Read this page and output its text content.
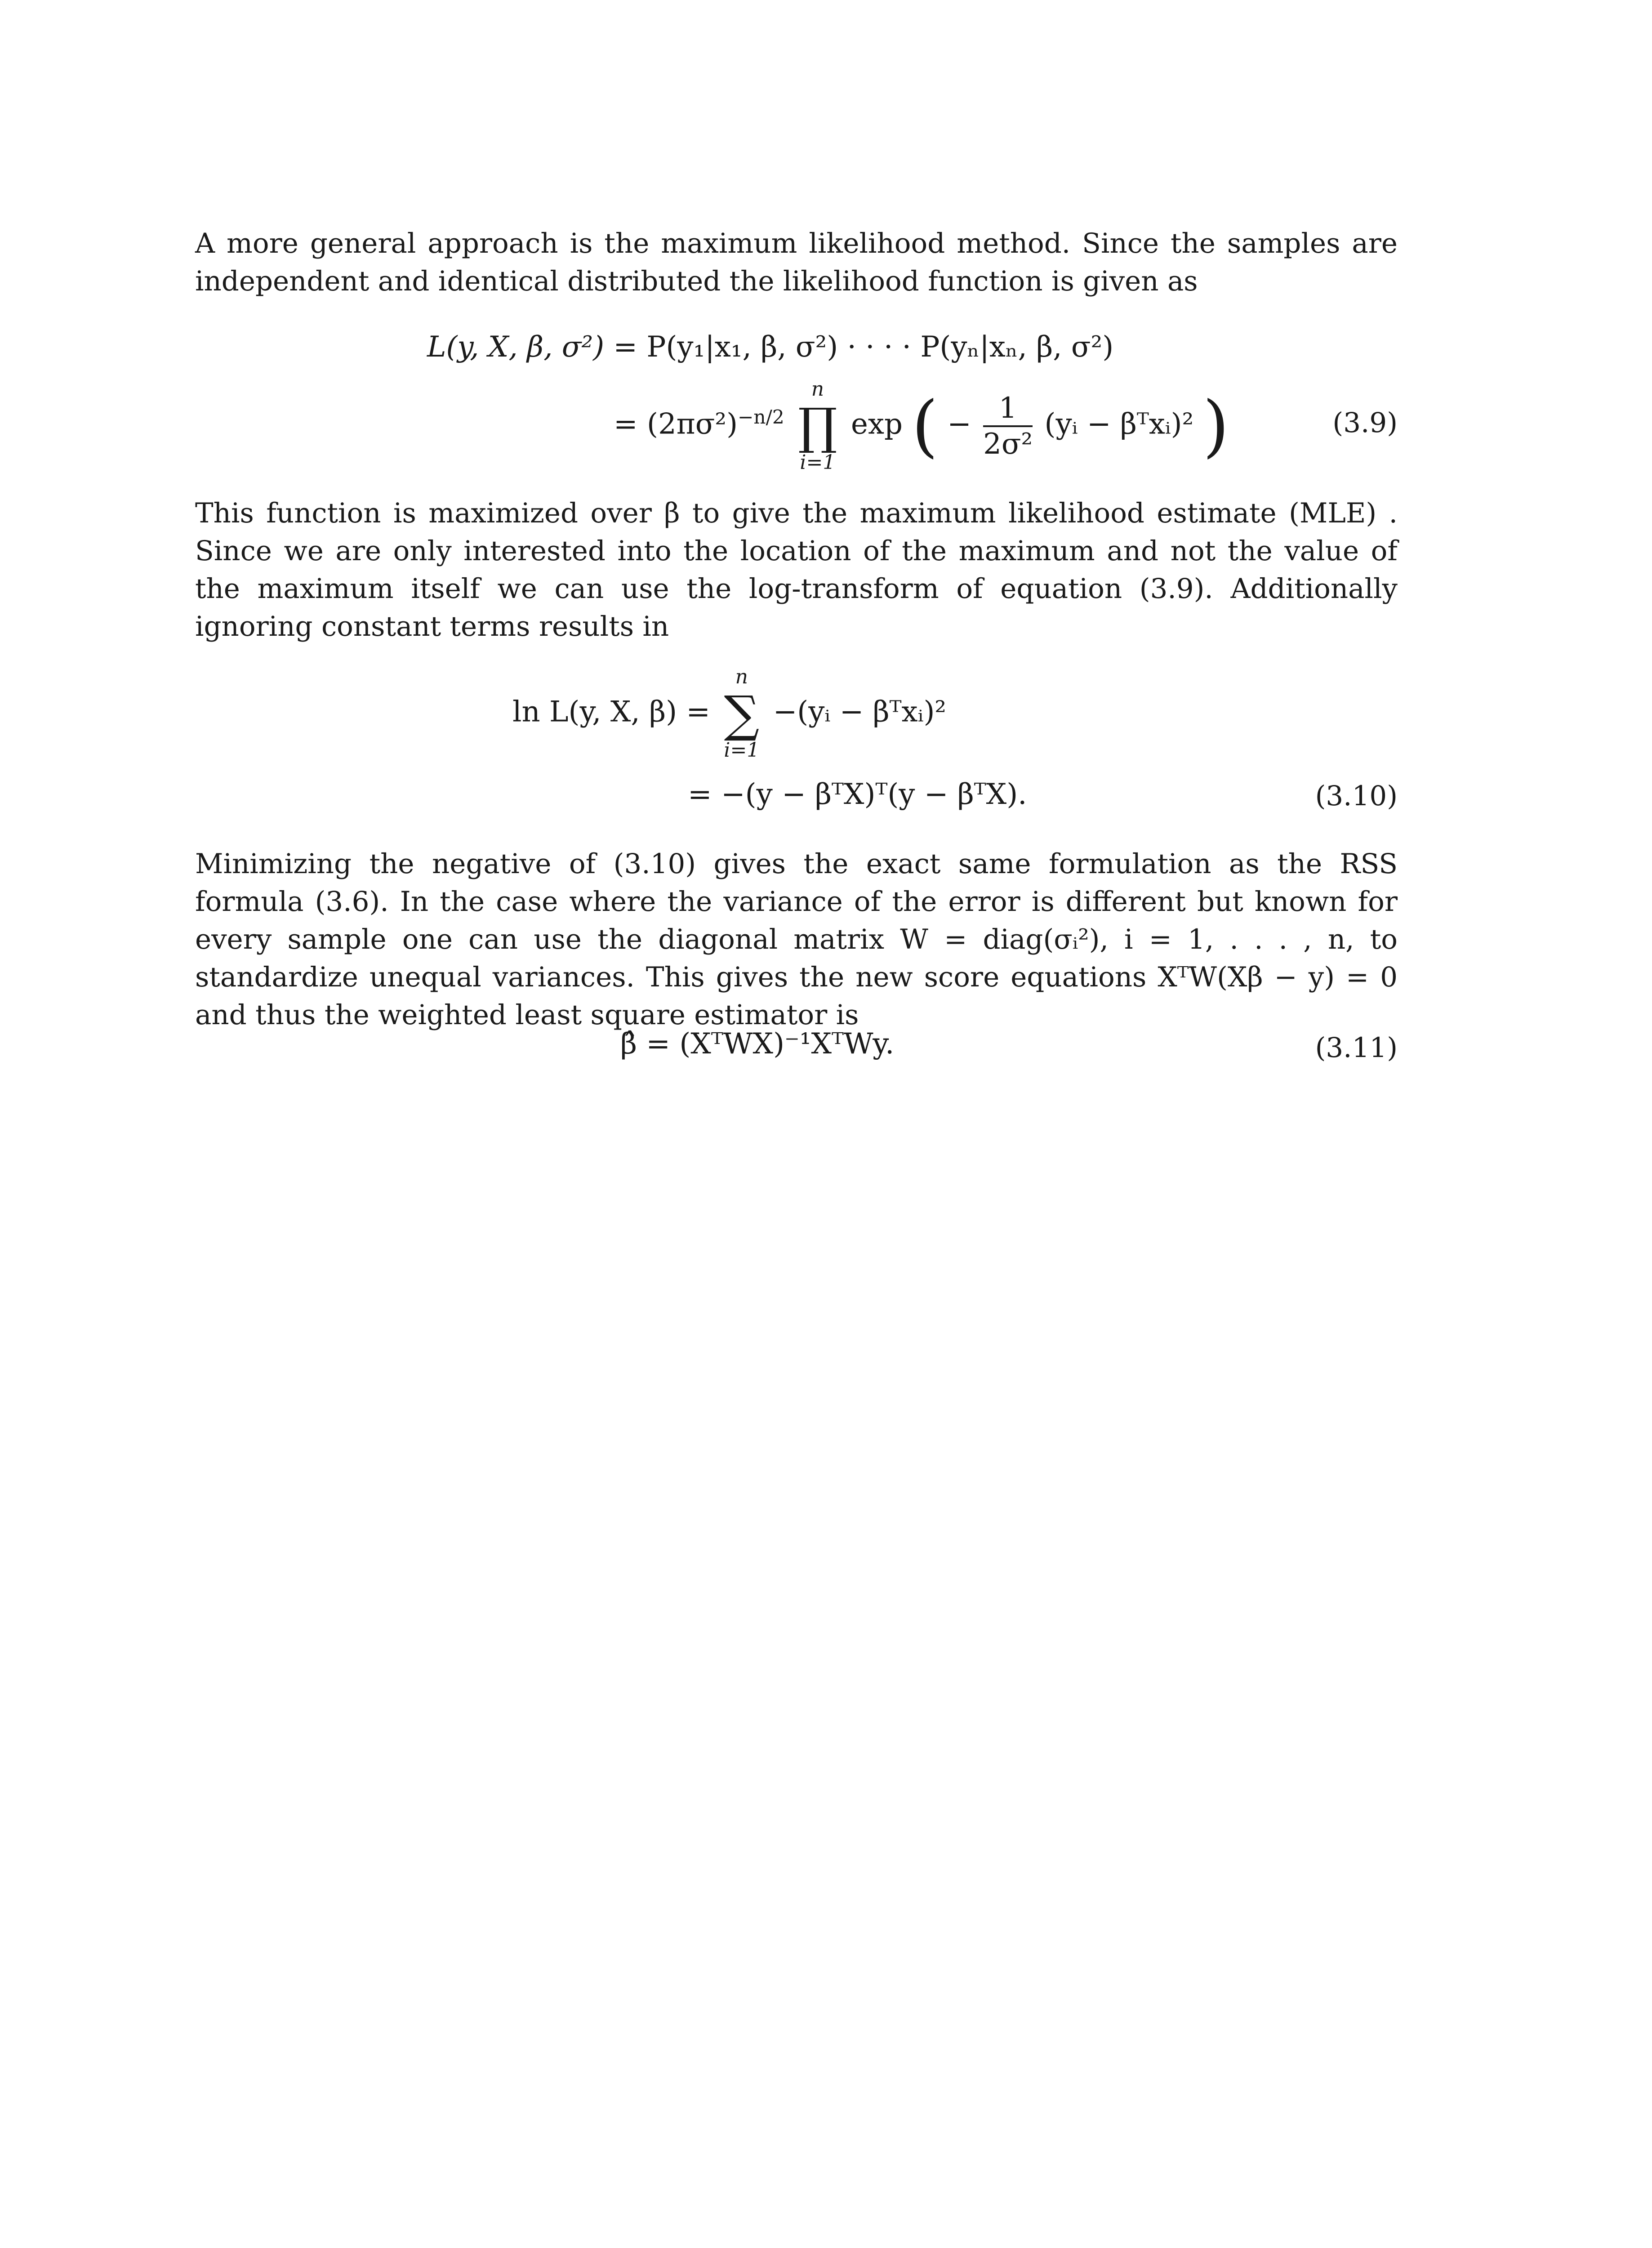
A more general approach is the maximum likelihood method. Since the samples are independent and identical distributed the likelihood function is given as

L(y, X, β, σ²) = P(y₁|x₁, β, σ²) · · · · P(yₙ|xₙ, β, σ²)
= $(2\pi\sigma^2)^{-n/2}$
n
∏
i=1
exp ( − $\frac{1}{\text{2σ²}}$ (yᵢ − βᵀxᵢ)² )	(3.9)

This function is maximized over β to give the maximum likelihood estimate (MLE) . Since we are only interested into the location of the maximum and not the value of the maximum itself we can use the log-transform of equation (3.9). Additionally ignoring constant terms results in

ln L(y, X, β) =
n
∑
i=1
−(yᵢ − βᵀxᵢ)²
= −(y − βᵀX)ᵀ(y − βᵀX).	(3.10)

Minimizing the negative of (3.10) gives the exact same formulation as the RSS formula (3.6). In the case where the variance of the error is different but known for every sample one can use the diagonal matrix W = diag(σᵢ²), i = 1, . . . , n, to standardize unequal variances. This gives the new score equations XᵀW(Xβ − y) = 0 and thus the weighted least square estimator is

β̂ = (XᵀWX)⁻¹XᵀWy.	(3.11)
